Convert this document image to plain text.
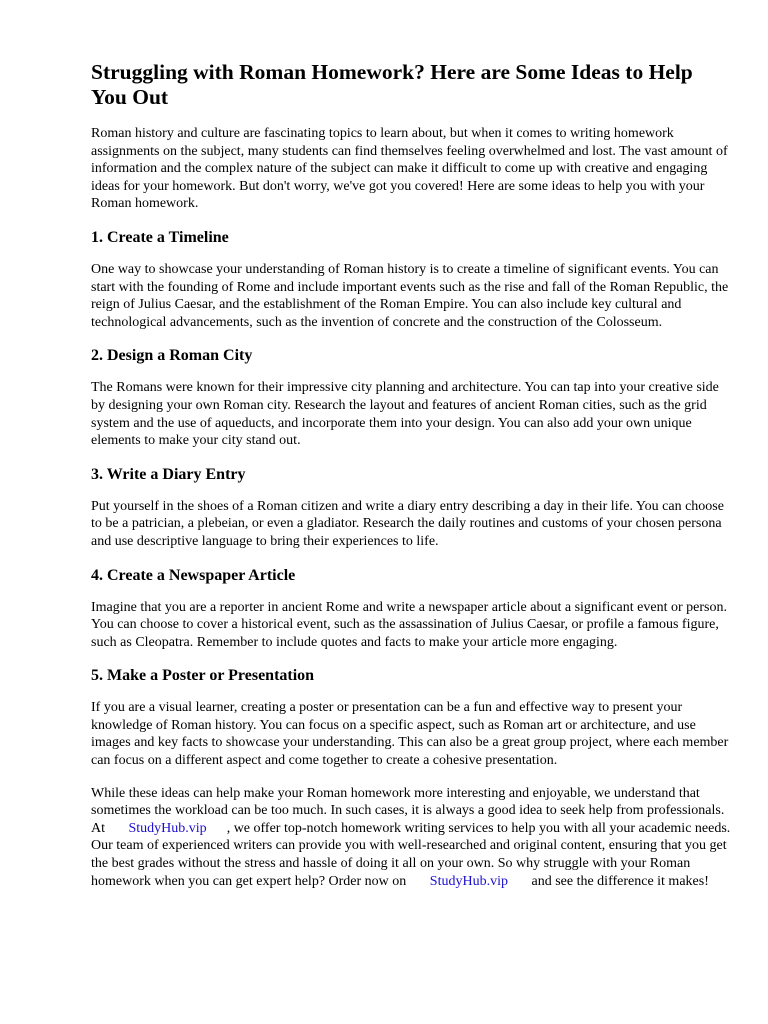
Struggling with Roman Homework? Here are Some Ideas to Help You Out

Roman history and culture are fascinating topics to learn about, but when it comes to writing homework assignments on the subject, many students can find themselves feeling overwhelmed and lost. The vast amount of information and the complex nature of the subject can make it difficult to come up with creative and engaging ideas for your homework. But don't worry, we've got you covered! Here are some ideas to help you with your Roman homework.

1. Create a Timeline

One way to showcase your understanding of Roman history is to create a timeline of significant events. You can start with the founding of Rome and include important events such as the rise and fall of the Roman Republic, the reign of Julius Caesar, and the establishment of the Roman Empire. You can also include key cultural and technological advancements, such as the invention of concrete and the construction of the Colosseum.

2. Design a Roman City

The Romans were known for their impressive city planning and architecture. You can tap into your creative side by designing your own Roman city. Research the layout and features of ancient Roman cities, such as the grid system and the use of aqueducts, and incorporate them into your design. You can also add your own unique elements to make your city stand out.

3. Write a Diary Entry

Put yourself in the shoes of a Roman citizen and write a diary entry describing a day in their life. You can choose to be a patrician, a plebeian, or even a gladiator. Research the daily routines and customs of your chosen persona and use descriptive language to bring their experiences to life.

4. Create a Newspaper Article

Imagine that you are a reporter in ancient Rome and write a newspaper article about a significant event or person. You can choose to cover a historical event, such as the assassination of Julius Caesar, or profile a famous figure, such as Cleopatra. Remember to include quotes and facts to make your article more engaging.

5. Make a Poster or Presentation

If you are a visual learner, creating a poster or presentation can be a fun and effective way to present your knowledge of Roman history. You can focus on a specific aspect, such as Roman art or architecture, and use images and key facts to showcase your understanding. This can also be a great group project, where each member can focus on a different aspect and come together to create a cohesive presentation.

While these ideas can help make your Roman homework more interesting and enjoyable, we understand that sometimes the workload can be too much. In such cases, it is always a good idea to seek help from professionals. At StudyHub.vip , we offer top-notch homework writing services to help you with all your academic needs. Our team of experienced writers can provide you with well-researched and original content, ensuring that you get the best grades without the stress and hassle of doing it all on your own. So why struggle with your Roman homework when you can get expert help? Order now on StudyHub.vip and see the difference it makes!
